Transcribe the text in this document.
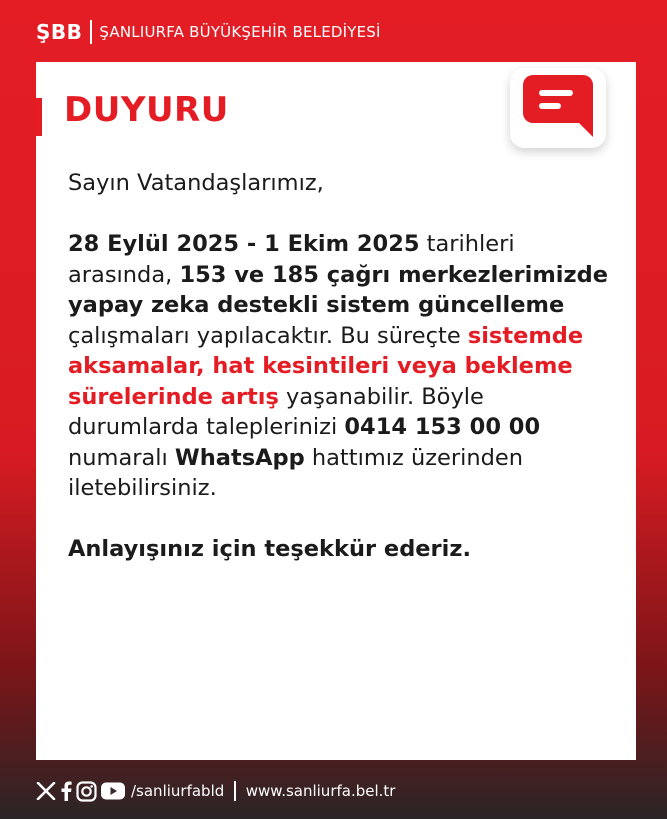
ŞBB ŞANLIURFA BÜYÜKŞEHİR BELEDİYESİ
DUYURU

Sayın Vatandaşlarımız,

28 Eylül 2025 - 1 Ekim 2025 tarihleri arasında, 153 ve 185 çağrı merkezlerimizde yapay zeka destekli sistem güncelleme çalışmaları yapılacaktır. Bu süreçte sistemde aksamalar, hat kesintileri veya bekleme sürelerinde artış yaşanabilir. Böyle durumlarda taleplerinizi 0414 153 00 00 numaralı WhatsApp hattımız üzerinden iletebilirsiniz.

Anlayışınız için teşekkür ederiz.

/sanliurfabld www.sanliurfa.bel.tr
